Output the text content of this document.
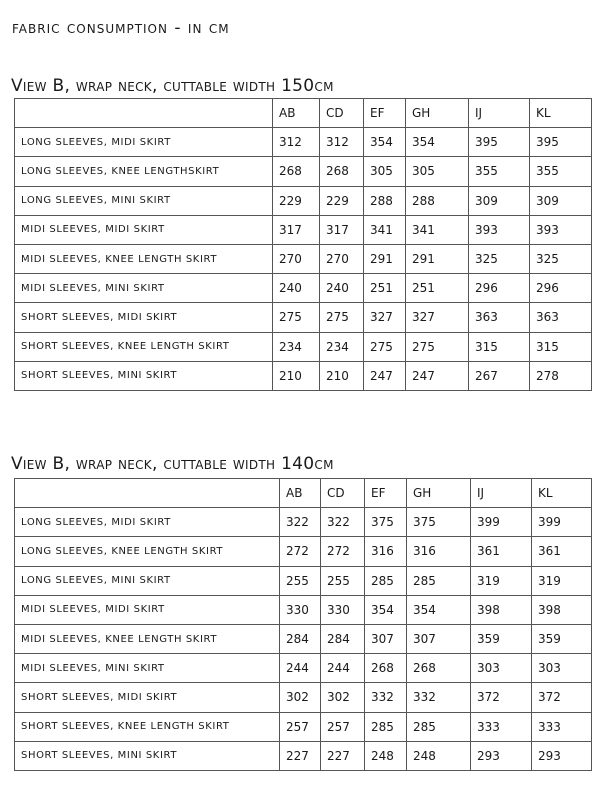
fabric consumption - in cm
View B, wrap neck, cuttable width 150cm
	AB	CD	EF	GH	IJ	KL
LONG SLEEVES, MIDI SKIRT	312	312	354	354	395	395
LONG SLEEVES, KNEE LENGTHSKIRT	268	268	305	305	355	355
LONG SLEEVES, MINI SKIRT	229	229	288	288	309	309
MIDI SLEEVES, MIDI SKIRT	317	317	341	341	393	393
MIDI SLEEVES, KNEE LENGTH SKIRT	270	270	291	291	325	325
MIDI SLEEVES, MINI SKIRT	240	240	251	251	296	296
SHORT SLEEVES, MIDI SKIRT	275	275	327	327	363	363
SHORT SLEEVES, KNEE LENGTH SKIRT	234	234	275	275	315	315
SHORT SLEEVES, MINI SKIRT	210	210	247	247	267	278
View B, wrap neck, cuttable width 140cm
	AB	CD	EF	GH	IJ	KL
LONG SLEEVES, MIDI SKIRT	322	322	375	375	399	399
LONG SLEEVES, KNEE LENGTH SKIRT	272	272	316	316	361	361
LONG SLEEVES, MINI SKIRT	255	255	285	285	319	319
MIDI SLEEVES, MIDI SKIRT	330	330	354	354	398	398
MIDI SLEEVES, KNEE LENGTH SKIRT	284	284	307	307	359	359
MIDI SLEEVES, MINI SKIRT	244	244	268	268	303	303
SHORT SLEEVES, MIDI SKIRT	302	302	332	332	372	372
SHORT SLEEVES, KNEE LENGTH SKIRT	257	257	285	285	333	333
SHORT SLEEVES, MINI SKIRT	227	227	248	248	293	293
